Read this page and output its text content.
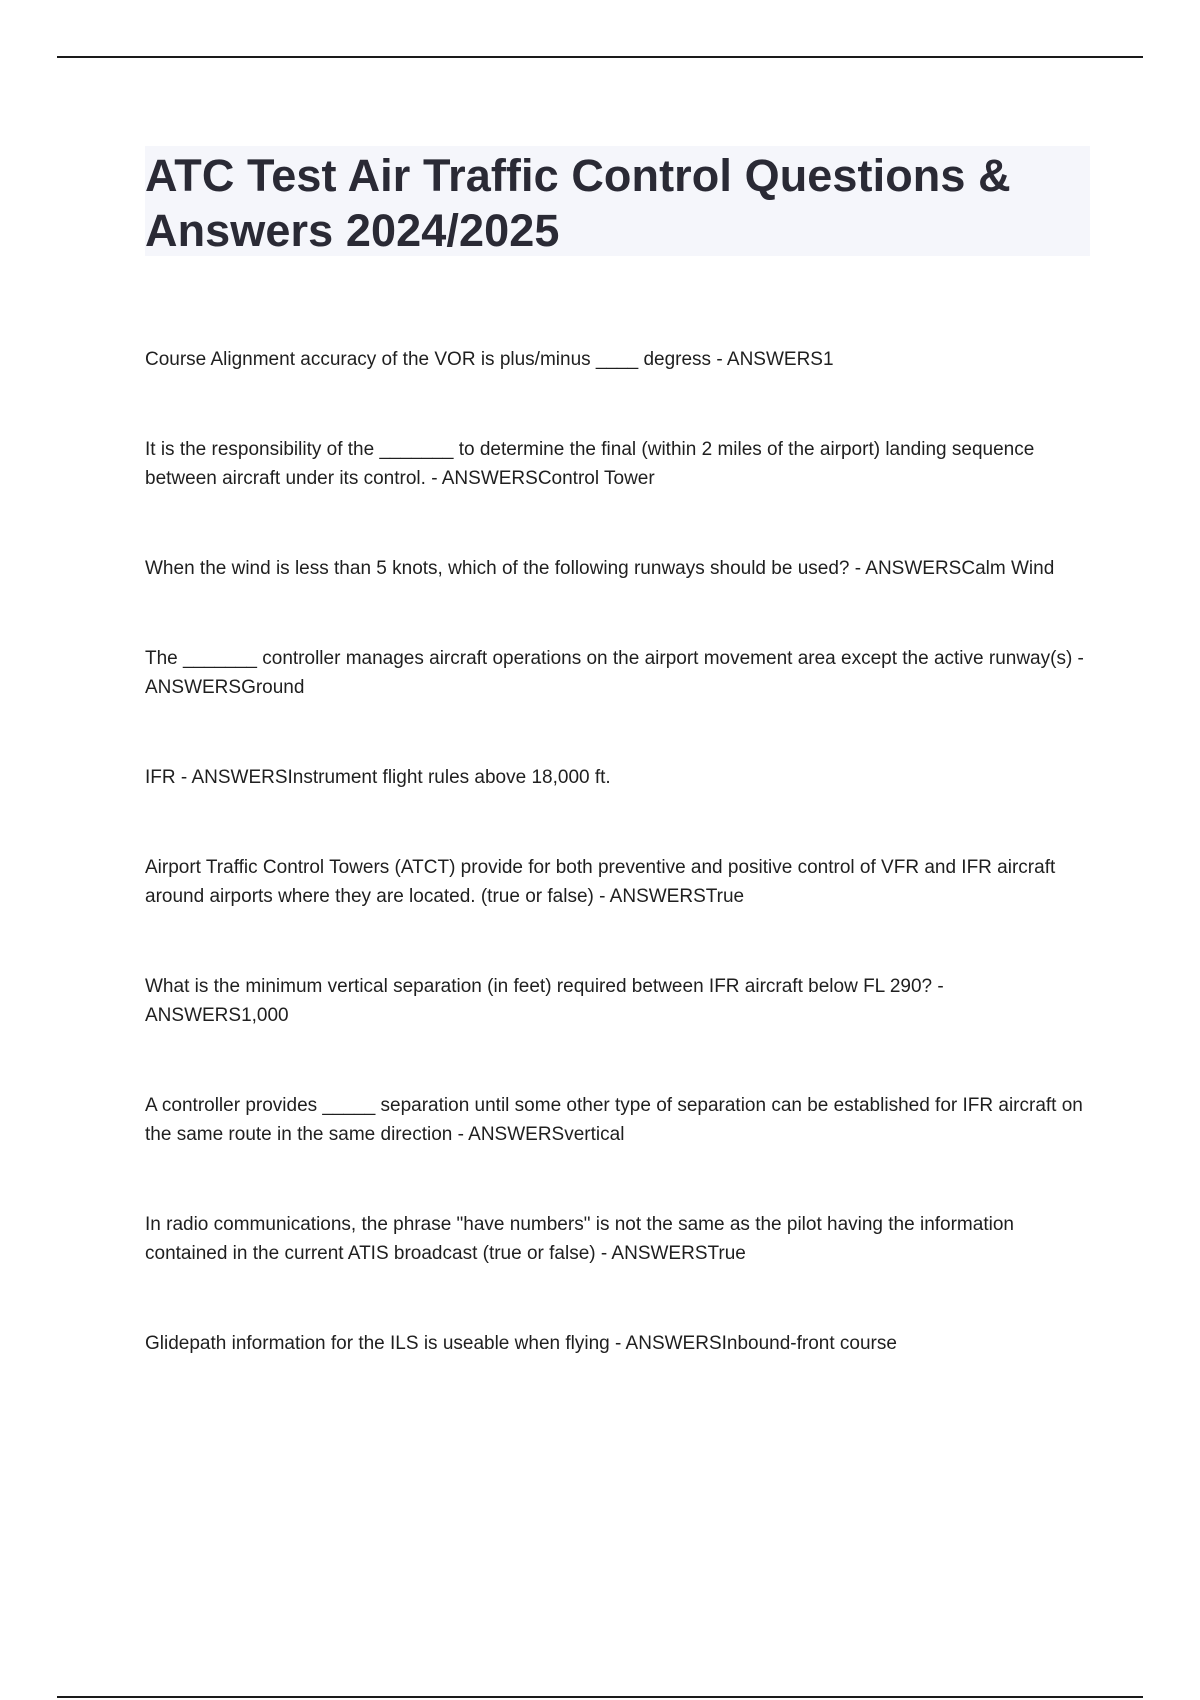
ATC Test Air Traffic Control Questions & Answers 2024/2025
Course Alignment accuracy of the VOR is plus/minus ____ degress - ANSWERS1
It is the responsibility of the _______ to determine the final (within 2 miles of the airport) landing sequence between aircraft under its control. - ANSWERSControl Tower
When the wind is less than 5 knots, which of the following runways should be used? - ANSWERSCalm Wind
The _______ controller manages aircraft operations on the airport movement area except the active runway(s) - ANSWERSGround
IFR - ANSWERSInstrument flight rules above 18,000 ft.
Airport Traffic Control Towers (ATCT) provide for both preventive and positive control of VFR and IFR aircraft around airports where they are located. (true or false) - ANSWERSTrue
What is the minimum vertical separation (in feet) required between IFR aircraft below FL 290? - ANSWERS1,000
A controller provides _____ separation until some other type of separation can be established for IFR aircraft on the same route in the same direction - ANSWERSvertical
In radio communications, the phrase "have numbers" is not the same as the pilot having the information contained in the current ATIS broadcast (true or false) - ANSWERSTrue
Glidepath information for the ILS is useable when flying - ANSWERSInbound-front course
